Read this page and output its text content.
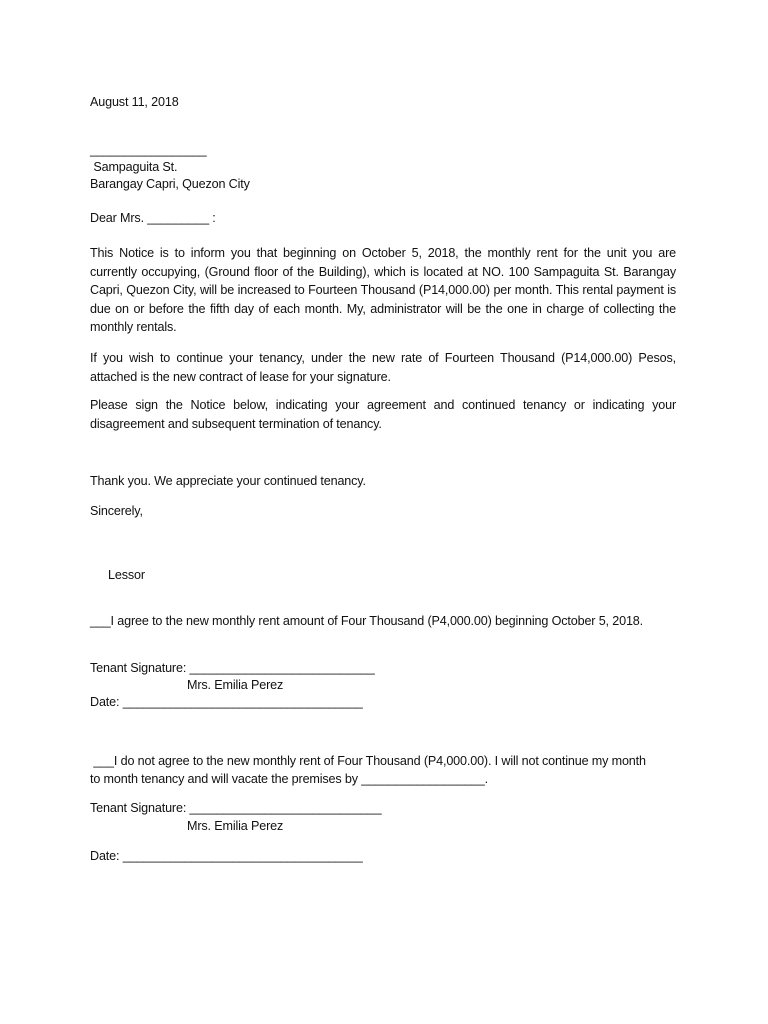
August 11, 2018
_________________
Sampaguita St.
Barangay Capri, Quezon City
Dear Mrs. _________ :
This Notice is to inform you that beginning on October 5, 2018, the monthly rent for the unit you are currently occupying, (Ground floor of the Building), which is located at NO. 100 Sampaguita St. Barangay Capri, Quezon City, will be increased to Fourteen Thousand (P14,000.00) per month. This rental payment is due on or before the fifth day of each month. My, administrator will be the one in charge of collecting the monthly rentals.
If you wish to continue your tenancy, under the new rate of Fourteen Thousand (P14,000.00) Pesos, attached is the new contract of lease for your signature.
Please sign the Notice below, indicating your agreement and continued tenancy or indicating your disagreement and subsequent termination of tenancy.
Thank you. We appreciate your continued tenancy.
Sincerely,
Lessor
___I agree to the new monthly rent amount of Four Thousand (P4,000.00) beginning October 5, 2018.
Tenant Signature: ___________________________
Mrs. Emilia Perez
Date: ___________________________________
___I do not agree to the new monthly rent of Four Thousand (P4,000.00). I will not continue my month
to month tenancy and will vacate the premises by __________________.
Tenant Signature: ____________________________
Mrs. Emilia Perez
Date: ___________________________________
